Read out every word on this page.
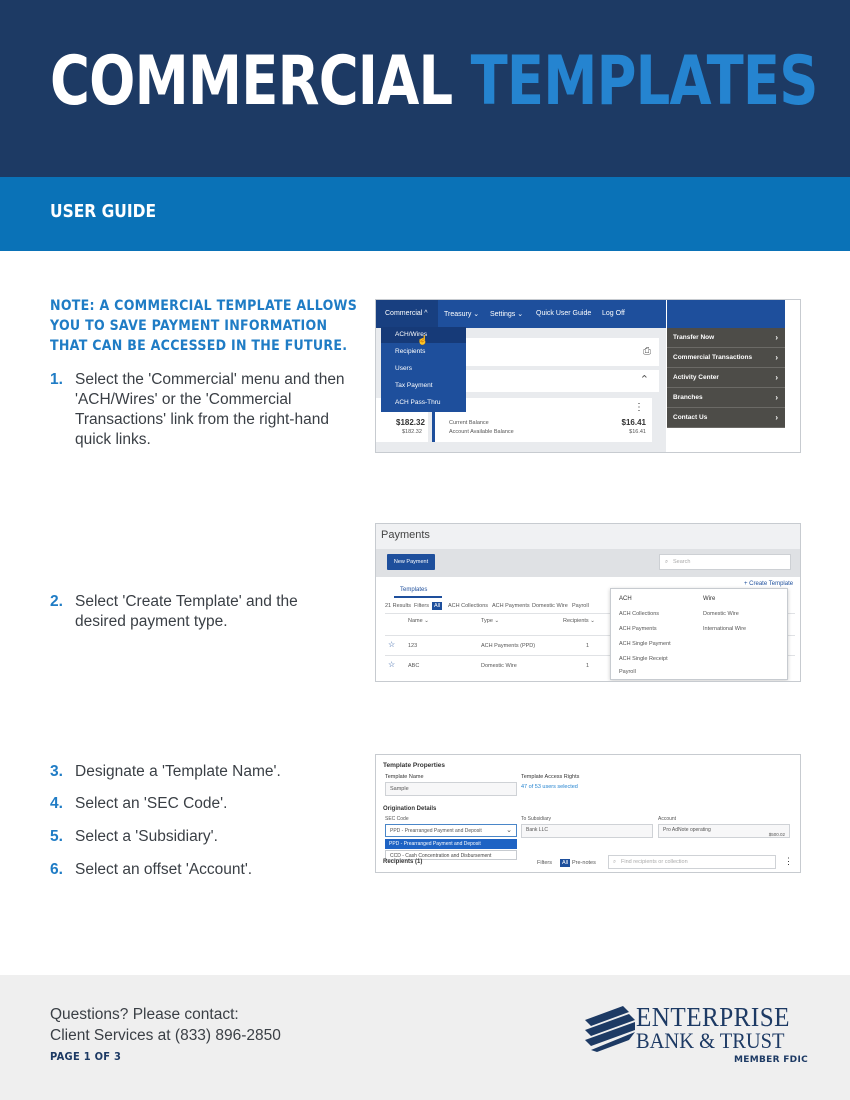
COMMERCIAL TEMPLATES
USER GUIDE
NOTE: A COMMERCIAL TEMPLATE ALLOWS
YOU TO SAVE PAYMENT INFORMATION
THAT CAN BE ACCESSED IN THE FUTURE.
1. Select the 'Commercial' menu and then 'ACH/Wires' or the 'Commercial Transactions' link from the right-hand quick links.
2. Select 'Create Template' and the desired payment type.
3. Designate a 'Template Name'.
4. Select an 'SEC Code'.
5. Select a 'Subsidiary'.
6. Select an offset 'Account'.
Commercial ^ Treasury ⌄ Settings ⌄ Quick User Guide Log Off
⎙
⌃
$182.32
$182.32
Current Balance
Account Available Balance
$16.41
$16.41
⋮
ACH/Wires
Recipients
Users
Tax Payment
ACH Pass-Thru
☝	Transfer Now	›
Commercial Transactions	›
Activity Center	›
Branches	›
Contact Us	›
Payments
New Payment	⌕ Search
Templates
+ Create Template
21 Results Filters All	ACH Collections ACH Payments Domestic Wire Payroll
Name ⌄	Type ⌄	Recipients ⌄
☆ 123	ACH Payments (PPD)	1
☆ ABC	Domestic Wire	1
ACH
ACH Collections
ACH Payments
ACH Single Payment
ACH Single Receipt
Payroll
Wire
Domestic Wire
International Wire
Template Properties
Template Name
Sample
Template Access Rights
47 of 53 users selected
Origination Details
SEC Code
PPD - Prearranged Payment and Deposit	⌄
PPD - Prearranged Payment and Deposit
CCD - Cash Concentration and Disbursement
To Subsidiary
Bank LLC
Account
Pro AdNote operating
$500.02
Recipients (1)	Filters	All Pre-notes	⌕ Find recipients or collection	⋮
Questions? Please contact:
Client Services at (833) 896-2850
PAGE 1 OF 3
ENTERPRISE
BANK & TRUST
MEMBER FDIC
